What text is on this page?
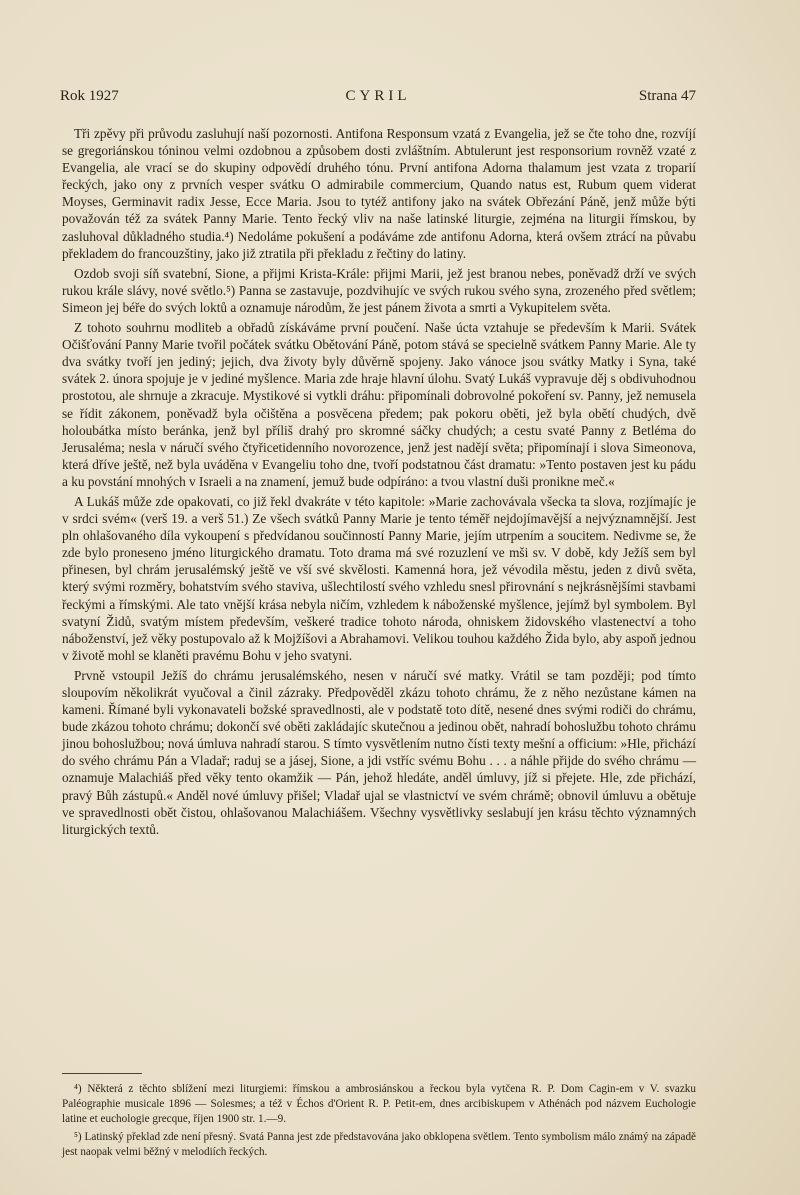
Rok 1927	CYRIL	Strana 47

Tři zpěvy při průvodu zasluhují naší pozornosti. Antifona Responsum vzatá z Evangelia, jež se čte toho dne, rozvíjí se gregoriánskou tóninou velmi ozdobnou a způsobem dosti zvláštním. Abtulerunt jest responsorium rovněž vzaté z Evangelia, ale vrací se do skupiny odpovědí druhého tónu. První antifona Adorna thalamum jest vzata z troparií řeckých, jako ony z prvních vesper svátku O admirabile commercium, Quando natus est, Rubum quem viderat Moyses, Germinavit radix Jesse, Ecce Maria. Jsou to tytéž antifony jako na svátek Obřezání Páně, jenž může býti považován též za svátek Panny Marie. Tento řecký vliv na naše latinské liturgie, zejména na liturgii římskou, by zasluhoval důkladného studia.⁴) Nedoláme pokušení a podáváme zde antifonu Adorna, která ovšem ztrácí na půvabu překladem do francouzštiny, jako již ztratila při překladu z řečtiny do latiny.

Ozdob svoji síň svatební, Sione, a přijmi Krista-Krále: přijmi Marii, jež jest branou nebes, poněvadž drží ve svých rukou krále slávy, nové světlo.⁵) Panna se zastavuje, pozdvihujíc ve svých rukou svého syna, zrozeného před světlem; Simeon jej béře do svých loktů a oznamuje národům, že jest pánem života a smrti a Vykupitelem světa.

Z tohoto souhrnu modliteb a obřadů získáváme první poučení. Naše úcta vztahuje se především k Marii. Svátek Očišťování Panny Marie tvořil počátek svátku Obětování Páně, potom stává se specielně svátkem Panny Marie. Ale ty dva svátky tvoří jen jediný; jejich, dva životy byly důvěrně spojeny. Jako vánoce jsou svátky Matky i Syna, také svátek 2. února spojuje je v jediné myšlence. Maria zde hraje hlavní úlohu. Svatý Lukáš vypravuje děj s obdivuhodnou prostotou, ale shrnuje a zkracuje. Mystikové si vytkli dráhu: připomínali dobrovolné pokoření sv. Panny, jež nemusela se řídit zákonem, poněvadž byla očištěna a posvěcena předem; pak pokoru oběti, jež byla obětí chudých, dvě holoubátka místo beránka, jenž byl příliš drahý pro skromné sáčky chudých; a cestu svaté Panny z Betléma do Jerusaléma; nesla v náručí svého čtyřicetidenního novorozence, jenž jest nadějí světa; připomínají i slova Simeonova, která dříve ještě, než byla uváděna v Evangeliu toho dne, tvoří podstatnou část dramatu: »Tento postaven jest ku pádu a ku povstání mnohých v Israeli a na znamení, jemuž bude odpíráno: a tvou vlastní duši pronikne meč.«

A Lukáš může zde opakovati, co již řekl dvakráte v této kapitole: »Marie zachovávala všecka ta slova, rozjímajíc je v srdci svém« (verš 19. a verš 51.) Ze všech svátků Panny Marie je tento téměř nejdojímavější a nejvýznamnější. Jest pln ohlašovaného díla vykoupení s předvídanou součinností Panny Marie, jejím utrpením a soucitem. Nedivme se, že zde bylo proneseno jméno liturgického dramatu. Toto drama má své rozuzlení ve mši sv. V době, kdy Ježíš sem byl přinesen, byl chrám jerusalémský ještě ve vší své skvělosti. Kamenná hora, jež vévodila městu, jeden z divů světa, který svými rozměry, bohatstvím svého staviva, ušlechtilostí svého vzhledu snesl přirovnání s nejkrásnějšími stavbami řeckými a římskými. Ale tato vnější krása nebyla ničím, vzhledem k náboženské myšlence, jejímž byl symbolem. Byl svatyní Židů, svatým místem především, veškeré tradice tohoto národa, ohniskem židovského vlastenectví a toho náboženství, jež věky postupovalo až k Mojžíšovi a Abrahamovi. Velikou touhou každého Žida bylo, aby aspoň jednou v životě mohl se klaněti pravému Bohu v jeho svatyni.

Prvně vstoupil Ježíš do chrámu jerusalémského, nesen v náručí své matky. Vrátil se tam později; pod tímto sloupovím několikrát vyučoval a činil zázraky. Předpověděl zkázu tohoto chrámu, že z něho nezůstane kámen na kameni. Římané byli vykonavateli božské spravedlnosti, ale v podstatě toto dítě, nesené dnes svými rodiči do chrámu, bude zkázou tohoto chrámu; dokončí své oběti zakládajíc skutečnou a jedinou obět, nahradí bohoslužbu tohoto chrámu jinou bohoslužbou; nová úmluva nahradí starou. S tímto vysvětlením nutno čísti texty mešní a officium: »Hle, přichází do svého chrámu Pán a Vladař; raduj se a jásej, Sione, a jdi vstříc svému Bohu . . . a náhle přijde do svého chrámu — oznamuje Malachiáš před věky tento okamžik — Pán, jehož hledáte, anděl úmluvy, jíž si přejete. Hle, zde přichází, pravý Bůh zástupů.« Anděl nové úmluvy přišel; Vladař ujal se vlastnictví ve svém chrámě; obnovil úmluvu a obětuje ve spravedlnosti obět čistou, ohlašovanou Malachiášem. Všechny vysvětlivky seslabují jen krásu těchto významných liturgických textů.

⁴) Některá z těchto sblížení mezi liturgiemi: římskou a ambrosiánskou a řeckou byla vytčena R. P. Dom Cagin-em v V. svazku Paléographie musicale 1896 — Solesmes; a též v Échos d'Orient R. P. Petit-em, dnes arcibiskupem v Athénách pod názvem Euchologie latine et euchologie grecque, říjen 1900 str. 1.—9.

⁵) Latinský překlad zde není přesný. Svatá Panna jest zde představována jako obklopena světlem. Tento symbolism málo známý na západě jest naopak velmi běžný v melodiích řeckých.
